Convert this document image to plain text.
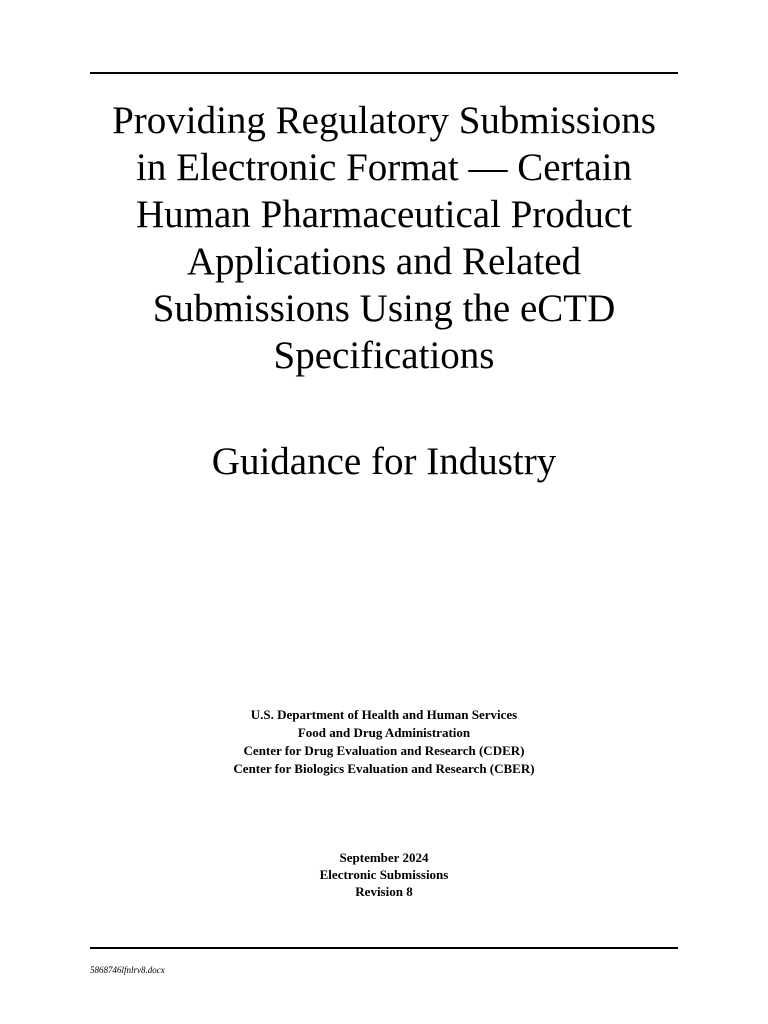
Providing Regulatory Submissions
in Electronic Format — Certain
Human Pharmaceutical Product
Applications and Related
Submissions Using the eCTD
Specifications
Guidance for Industry
U.S. Department of Health and Human Services
Food and Drug Administration
Center for Drug Evaluation and Research (CDER)
Center for Biologics Evaluation and Research (CBER)
September 2024
Electronic Submissions
Revision 8
5868746lfnlrv8.docx
